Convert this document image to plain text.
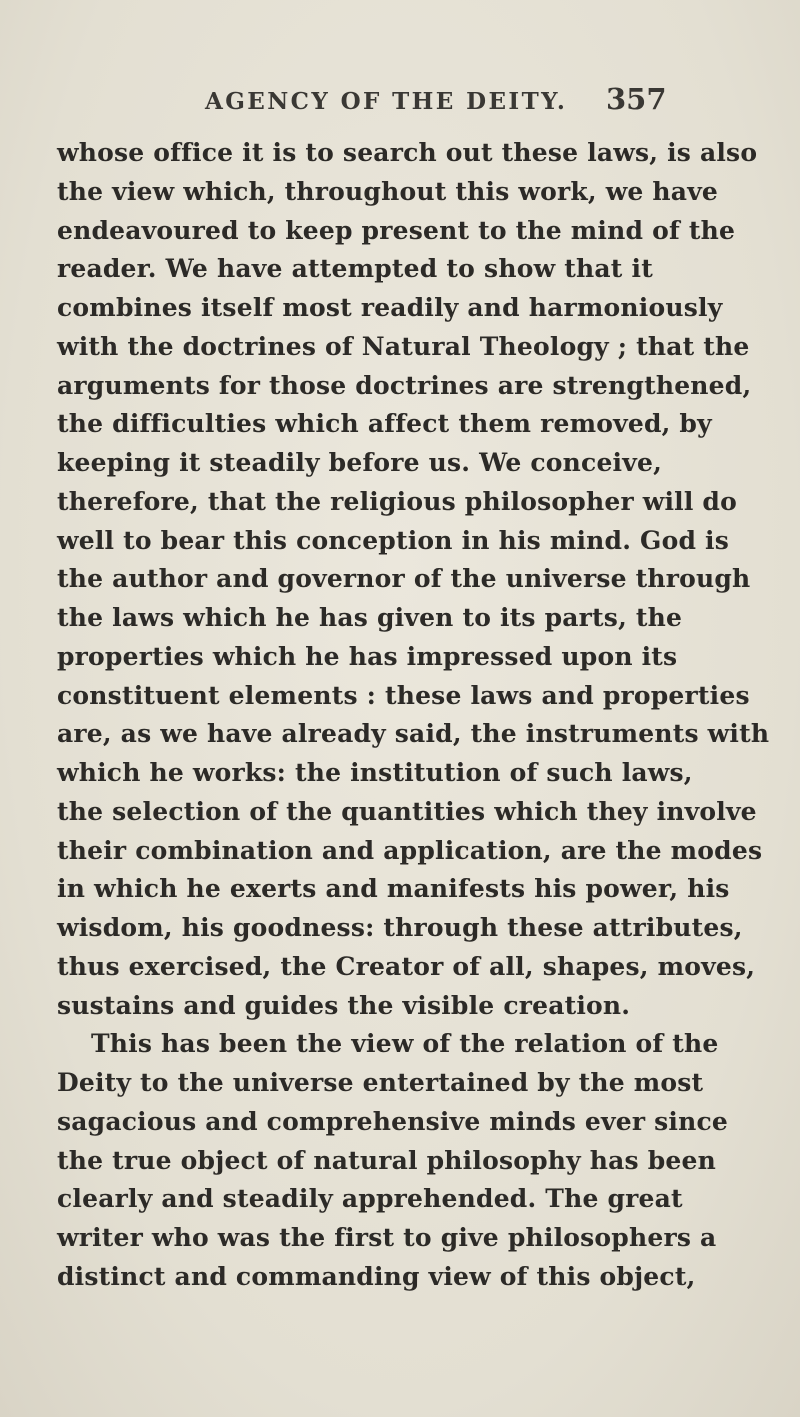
AGENCY OF THE DEITY. 357
whose office it is to search out these laws, is also
the view which, throughout this work, we have
endeavoured to keep present to the mind of the
reader. We have attempted to show that it
combines itself most readily and harmoniously
with the doctrines of Natural Theology ; that the
arguments for those doctrines are strengthened,
the difficulties which affect them removed, by
keeping it steadily before us. We conceive,
therefore, that the religious philosopher will do
well to bear this conception in his mind. God is
the author and governor of the universe through
the laws which he has given to its parts, the
properties which he has impressed upon its
constituent elements : these laws and properties
are, as we have already said, the instruments with
which he works: the institution of such laws,
the selection of the quantities which they involve
their combination and application, are the modes
in which he exerts and manifests his power, his
wisdom, his goodness: through these attributes,
thus exercised, the Creator of all, shapes, moves,
sustains and guides the visible creation.
This has been the view of the relation of the
Deity to the universe entertained by the most
sagacious and comprehensive minds ever since
the true object of natural philosophy has been
clearly and steadily apprehended. The great
writer who was the first to give philosophers a
distinct and commanding view of this object,
